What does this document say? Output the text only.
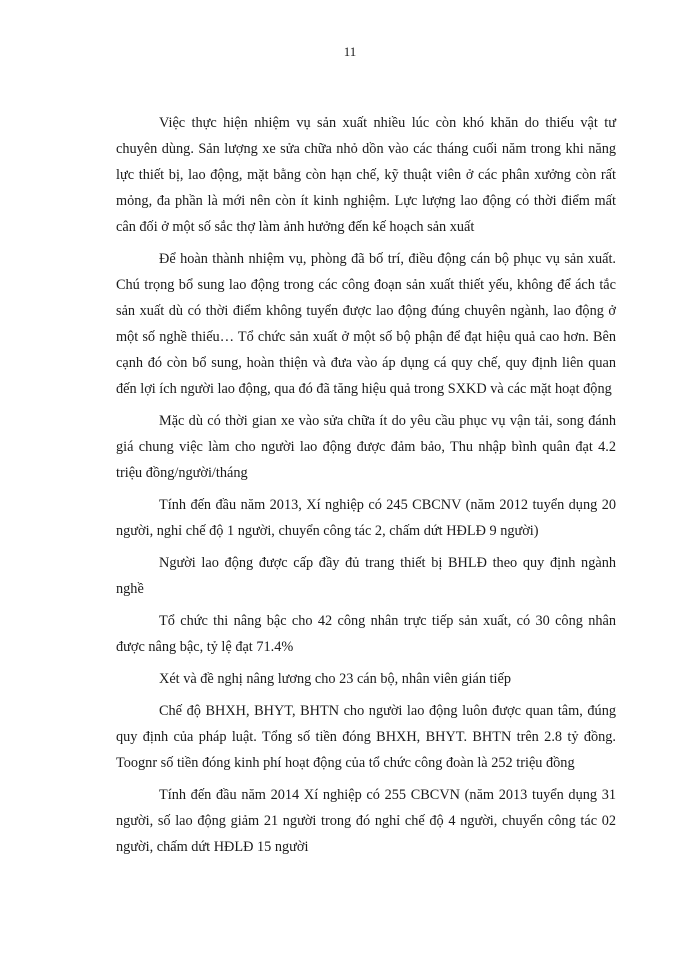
11

Việc thực hiện nhiệm vụ sản xuất nhiều lúc còn khó khăn do thiếu vật tư chuyên dùng. Sản lượng xe sửa chữa nhỏ dồn vào các tháng cuối năm trong khi năng lực thiết bị, lao động, mặt bằng còn hạn chế, kỹ thuật viên ở các phân xưởng còn rất mỏng, đa phần là mới nên còn ít kinh nghiệm. Lực lượng lao động có thời điểm mất cân đối ở một số sắc thợ làm ảnh hưởng đến kế hoạch sản xuất

Để hoàn thành nhiệm vụ, phòng đã bố trí, điều động cán bộ phục vụ sản xuất. Chú trọng bổ sung lao động trong các công đoạn sản xuất thiết yếu, không để ách tắc sản xuất dù có thời điểm không tuyển được lao động đúng chuyên ngành, lao động ở một số nghề thiếu… Tổ chức sản xuất ở một số bộ phận để đạt hiệu quả cao hơn. Bên cạnh đó còn bổ sung, hoàn thiện và đưa vào áp dụng cá quy chế, quy định liên quan đến lợi ích người lao động, qua đó đã tăng hiệu quả trong SXKD và các mặt hoạt động

Mặc dù có thời gian xe vào sửa chữa ít do yêu cầu phục vụ vận tải, song đánh giá chung việc làm cho người lao động được đảm bảo, Thu nhập bình quân đạt 4.2 triệu đồng/người/tháng

Tính đến đầu năm 2013, Xí nghiệp có 245 CBCNV (năm 2012 tuyển dụng 20 người, nghỉ chế độ 1 người, chuyển công tác 2, chấm dứt HĐLĐ 9 người)

Người lao động được cấp đầy đủ trang thiết bị BHLĐ theo quy định ngành nghề

Tổ chức thi nâng bậc cho 42 công nhân trực tiếp sản xuất, có 30 công nhân được nâng bậc, tỷ lệ đạt 71.4%

Xét và đề nghị nâng lương cho 23 cán bộ, nhân viên gián tiếp

Chế độ BHXH, BHYT, BHTN cho người lao động luôn được quan tâm, đúng quy định của pháp luật. Tổng số tiền đóng BHXH, BHYT. BHTN trên 2.8 tỷ đồng. Toognr số tiền đóng kinh phí hoạt động của tổ chức công đoàn là 252 triệu đồng

Tính đến đầu năm 2014 Xí nghiệp có 255 CBCVN (năm 2013 tuyển dụng 31 người, số lao động giảm 21 người trong đó nghỉ chế độ 4 người, chuyển công tác 02 người, chấm dứt HĐLĐ 15 người
